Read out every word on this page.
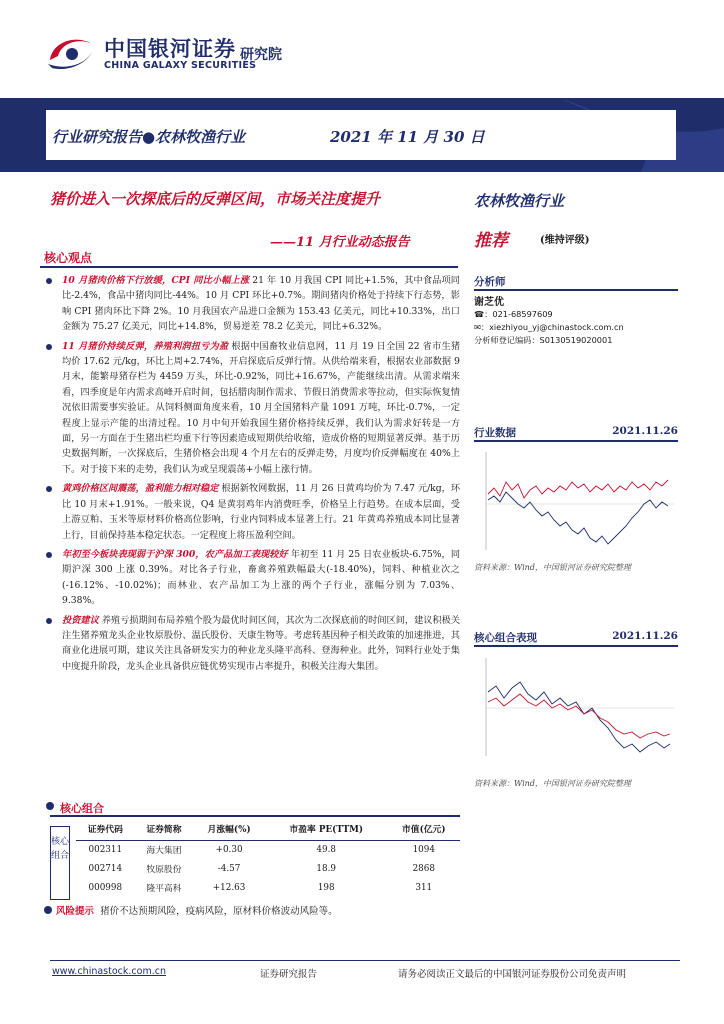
中国银河证券
CHINA GALAXY SECURITIES
研究院
行业研究报告●农林牧渔行业	2021 年 11 月 30 日
猪价进入一次探底后的反弹区间，市场关注度提升
——11 月行业动态报告
农林牧渔行业
推荐	(维持评级)
核心观点
10 月猪肉价格下行放缓，CPI 同比小幅上涨 21 年 10 月我国 CPI 同比+1.5%，其中食品项同比-2.4%，食品中猪肉同比-44%。10 月 CPI 环比+0.7%。期间猪肉价格处于持续下行态势，影响 CPI 猪肉环比下降 2%。10 月我国农产品进口金额为 153.43 亿美元，同比+10.33%，出口金额为 75.27 亿美元，同比+14.8%，贸易逆差 78.2 亿美元，同比+6.32%。
11 月猪价持续反弹，养殖利润扭亏为盈 根据中国畜牧业信息网，11 月 19 日全国 22 省市生猪均价 17.62 元/kg，环比上周+2.74%，开启探底后反弹行情。从供给端来看，根据农业部数据 9 月末，能繁母猪存栏为 4459 万头，环比-0.92%，同比+16.67%，产能继续出清。从需求端来看，四季度是年内需求高峰开启时间，包括腊肉制作需求、节假日消费需求等拉动，但实际恢复情况依旧需要事实验证。从饲料侧面角度来看，10 月全国猪料产量 1091 万吨，环比-0.7%，一定程度上显示产能的出清过程。10 月中旬开始我国生猪价格持续反弹，我们认为需求好转是一方面，另一方面在于生猪出栏均重下行等因素造成短期供给收缩，造成价格的短期显著反弹。基于历史数据判断，一次探底后，生猪价格会出现 4 个月左右的反弹走势，月度均价反弹幅度在 40%上下。对于接下来的走势，我们认为或呈现震荡+小幅上涨行情。
黄鸡价格区间震荡，盈利能力相对稳定 根据新牧网数据，11 月 26 日黄鸡均价为 7.47 元/kg，环比 10 月末+1.91%。一般来说，Q4 是黄羽鸡年内消费旺季，价格呈上行趋势。在成本层面，受上游豆粕、玉米等原材料价格高位影响，行业内饲料成本显著上行。21 年黄鸡养殖成本同比显著上行，目前保持基本稳定状态。一定程度上将压盈利空间。
年初至今板块表现弱于沪深 300，农产品加工表现较好 年初至 11 月 25 日农业板块-6.75%，同期沪深 300 上涨 0.39%。对比各子行业，畜禽养殖跌幅最大(-18.40%)，饲料、种植业次之(-16.12%、-10.02%)；而林业、农产品加工为上涨的两个子行业，涨幅分别为 7.03%、9.38%。
投资建议 养殖亏损期间布局养殖个股为最优时间区间，其次为二次探底前的时间区间，建议积极关注生猪养殖龙头企业牧原股份、温氏股份、天康生物等。考虑转基因种子相关政策的加速推进，其商业化进展可期，建议关注具备研发实力的种业龙头隆平高科、登海种业。此外，饲料行业处于集中度提升阶段，龙头企业具备供应链优势实现市占率提升，积极关注海大集团。
分析师
谢芝优
☎：021-68597609
✉：xiezhiyou_yj@chinastock.com.cn
分析师登记编码：S0130519020001
行业数据	2021.11.26
资料来源：Wind，中国银河证券研究院整理
核心组合表现	2021.11.26
资料来源：Wind，中国银河证券研究院整理
核心组合
核心组合
证券代码	证券简称	月涨幅(%)	市盈率 PE(TTM)	市值(亿元)
002311	海大集团	+0.30	49.8	1094
002714	牧原股份	-4.57	18.9	2868
000998	隆平高科	+12.63	198	311
风险提示 猪价不达预期风险，疫病风险，原材料价格波动风险等。
www.chinastock.com.cn	证券研究报告	请务必阅读正文最后的中国银河证券股份公司免责声明
